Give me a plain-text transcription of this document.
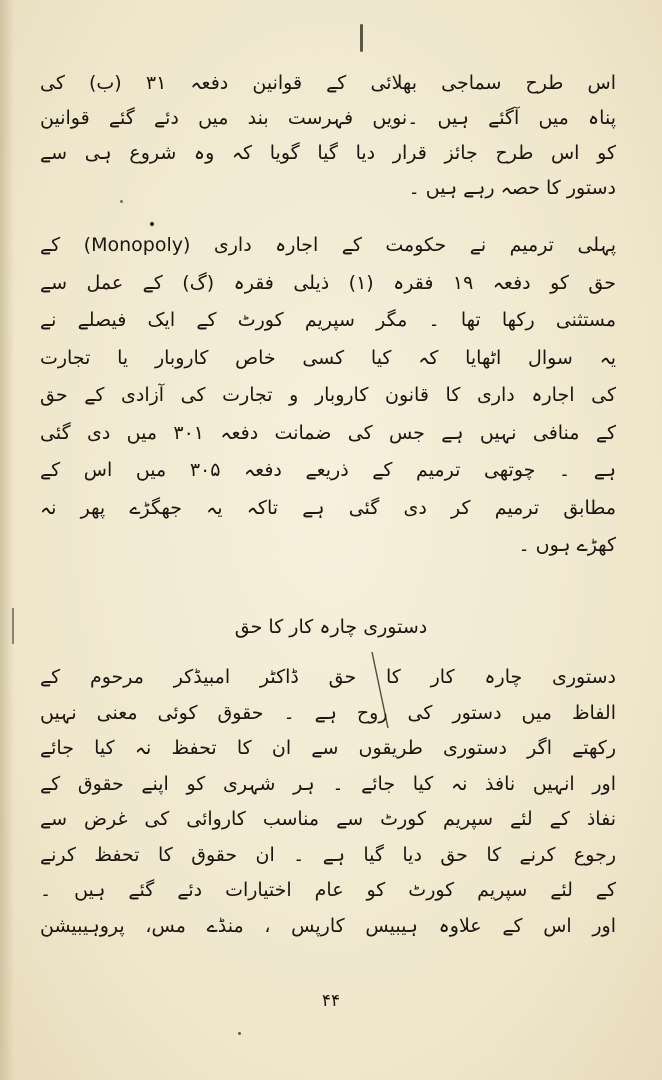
اس طرح سماجی بھلائی کے قوانین دفعہ ۳۱ (ب) کی
پناہ میں آگئے ہیں ۔نویں فہرست بند میں دئے گئے قوانین
کو اس طرح جائز قرار دیا گیا گویا کہ وہ شروع ہی سے
دستور کا حصہ رہے ہیں ۔
پہلی ترمیم نے حکومت کے اجارہ داری (Monopoly) کے
حق کو دفعہ ۱۹ فقرہ (۱) ذیلی فقرہ (گ) کے عمل سے
مستثنی رکھا تھا ۔ مگر سپریم کورٹ کے ایک فیصلے نے
یہ سوال اٹھایا کہ کیا کسی خاص کاروبار یا تجارت
کی اجارہ داری کا قانون کاروبار و تجارت کی آزادی کے حق
کے منافی نہیں ہے جس کی ضمانت دفعہ ۳۰۱ میں دی گئی
ہے ۔ چوتھی ترمیم کے ذریعے دفعہ ۳۰۵ میں اس کے
مطابق ترمیم کر دی گئی ہے تاکہ یہ جھگڑے پھر نہ
کھڑے ہوں ۔
دستوری چارہ کار کا حق
دستوری چارہ کار کا حق ڈاکٹر امبیڈکر مرحوم کے
الفاظ میں دستور کی روح ہے ۔ حقوق کوئی معنی نہیں
رکھتے اگر دستوری طریقوں سے ان کا تحفظ نہ کیا جائے
اور انہیں نافذ نہ کیا جائے ۔ ہر شہری کو اپنے حقوق کے
نفاذ کے لئے سپریم کورٹ سے مناسب کاروائی کی غرض سے
رجوع کرنے کا حق دیا گیا ہے ۔ ان حقوق کا تحفظ کرنے
کے لئے سپریم کورٹ کو عام اختیارات دئے گئے ہیں ۔
اور اس کے علاوہ ہیبیس کارپس ، منڈے مس، پروہیبیشن
۴۴
